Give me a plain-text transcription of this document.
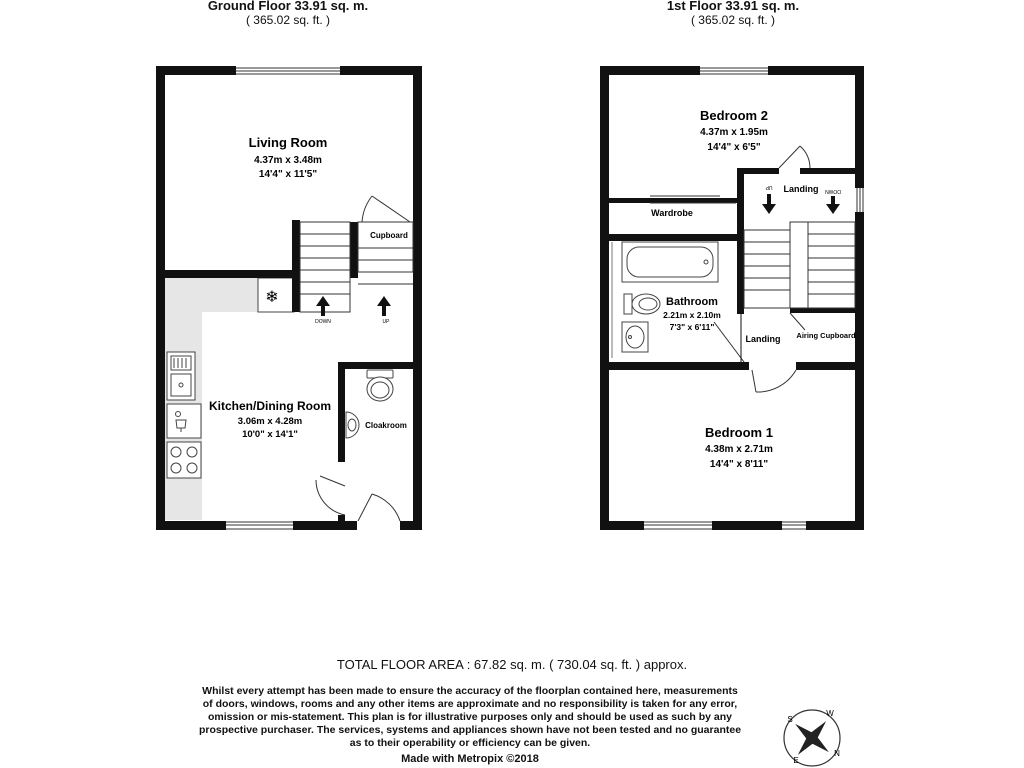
Ground Floor 33.91 sq. m.
( 365.02 sq. ft. )
1st Floor 33.91 sq. m.
( 365.02 sq. ft. )
DOWN	UP
Cupboard
❄
Cloakroom
Living Room
4.37m x 3.48m
14'4" x 11'5"
Kitchen/Dining Room
3.06m x 4.28m
10'0" x 14'1"
Wardrobe
UP
DOWN
Landing
Bathroom
2.21m x 2.10m
7'3" x 6'11"
Landing Airing Cupboard
Bedroom 2
4.37m x 1.95m
14'4" x 6'5"
Bedroom 1
4.38m x 2.71m
14'4" x 8'11"
S
W
N
E
TOTAL FLOOR AREA : 67.82 sq. m. ( 730.04 sq. ft. ) approx.
Whilst every attempt has been made to ensure the accuracy of the floorplan contained here, measurements
of doors, windows, rooms and any other items are approximate and no responsibility is taken for any error,
omission or mis-statement. This plan is for illustrative purposes only and should be used as such by any
prospective purchaser. The services, systems and appliances shown have not been tested and no guarantee
as to their operability or efficiency can be given.
Made with Metropix ©2018
